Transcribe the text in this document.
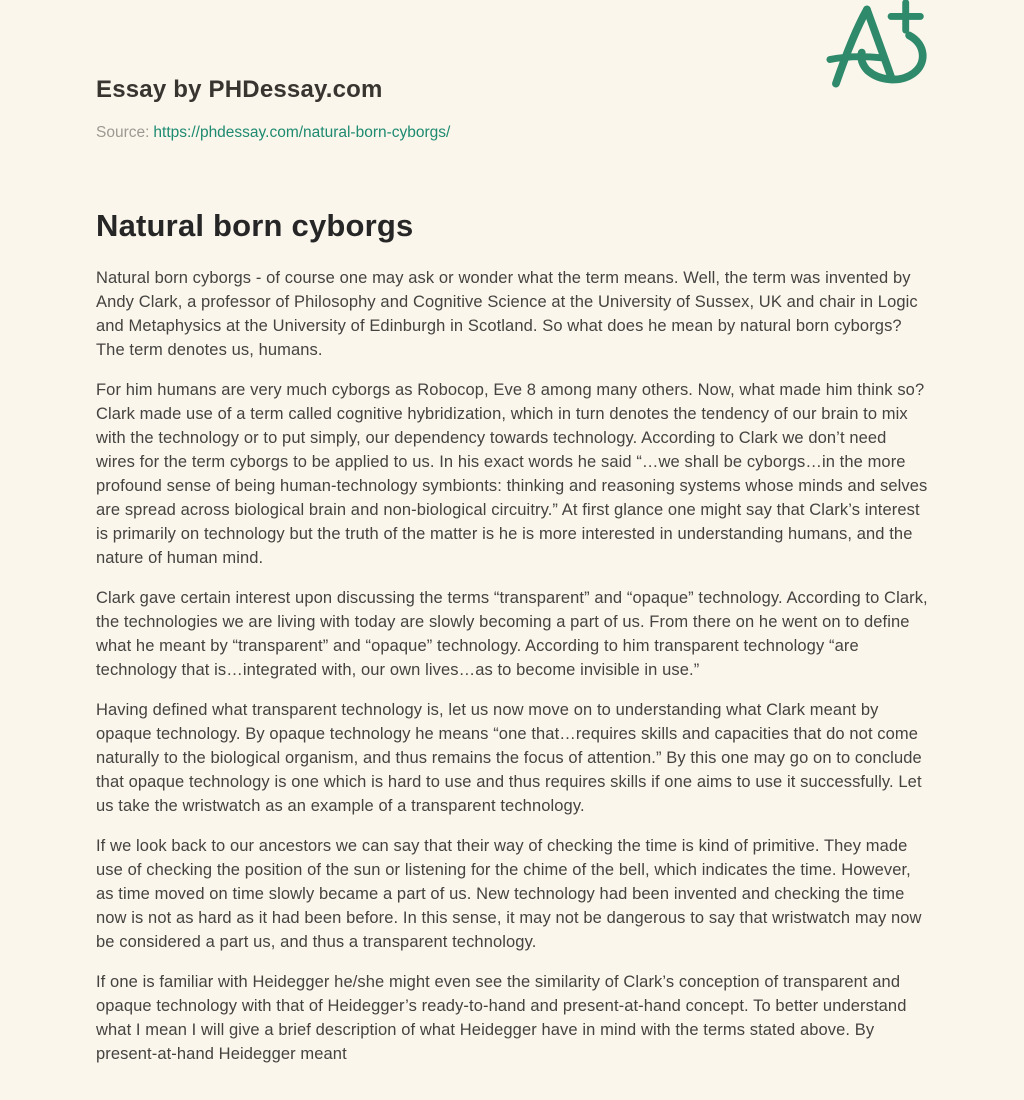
Essay by PHDessay.com
Source: https://phdessay.com/natural-born-cyborgs/
Natural born cyborgs

Natural born cyborgs - of course one may ask or wonder what the term means. Well, the term was invented by Andy Clark, a professor of Philosophy and Cognitive Science at the University of Sussex, UK and chair in Logic and Metaphysics at the University of Edinburgh in Scotland. So what does he mean by natural born cyborgs? The term denotes us, humans.

For him humans are very much cyborgs as Robocop, Eve 8 among many others. Now, what made him think so? Clark made use of a term called cognitive hybridization, which in turn denotes the tendency of our brain to mix with the technology or to put simply, our dependency towards technology. According to Clark we don’t need wires for the term cyborgs to be applied to us. In his exact words he said “…we shall be cyborgs…in the more profound sense of being human-technology symbionts: thinking and reasoning systems whose minds and selves are spread across biological brain and non-biological circuitry.” At first glance one might say that Clark’s interest is primarily on technology but the truth of the matter is he is more interested in understanding humans, and the nature of human mind.

Clark gave certain interest upon discussing the terms “transparent” and “opaque” technology. According to Clark, the technologies we are living with today are slowly becoming a part of us. From there on he went on to define what he meant by “transparent” and “opaque” technology. According to him transparent technology “are technology that is…integrated with, our own lives…as to become invisible in use.”

Having defined what transparent technology is, let us now move on to understanding what Clark meant by opaque technology. By opaque technology he means “one that…requires skills and capacities that do not come naturally to the biological organism, and thus remains the focus of attention.” By this one may go on to conclude that opaque technology is one which is hard to use and thus requires skills if one aims to use it successfully. Let us take the wristwatch as an example of a transparent technology.

If we look back to our ancestors we can say that their way of checking the time is kind of primitive. They made use of checking the position of the sun or listening for the chime of the bell, which indicates the time. However, as time moved on time slowly became a part of us. New technology had been invented and checking the time now is not as hard as it had been before. In this sense, it may not be dangerous to say that wristwatch may now be considered a part us, and thus a transparent technology.

If one is familiar with Heidegger he/she might even see the similarity of Clark’s conception of transparent and opaque technology with that of Heidegger’s ready-to-hand and present-at-hand concept. To better understand what I mean I will give a brief description of what Heidegger have in mind with the terms stated above. By present-at-hand Heidegger meant
